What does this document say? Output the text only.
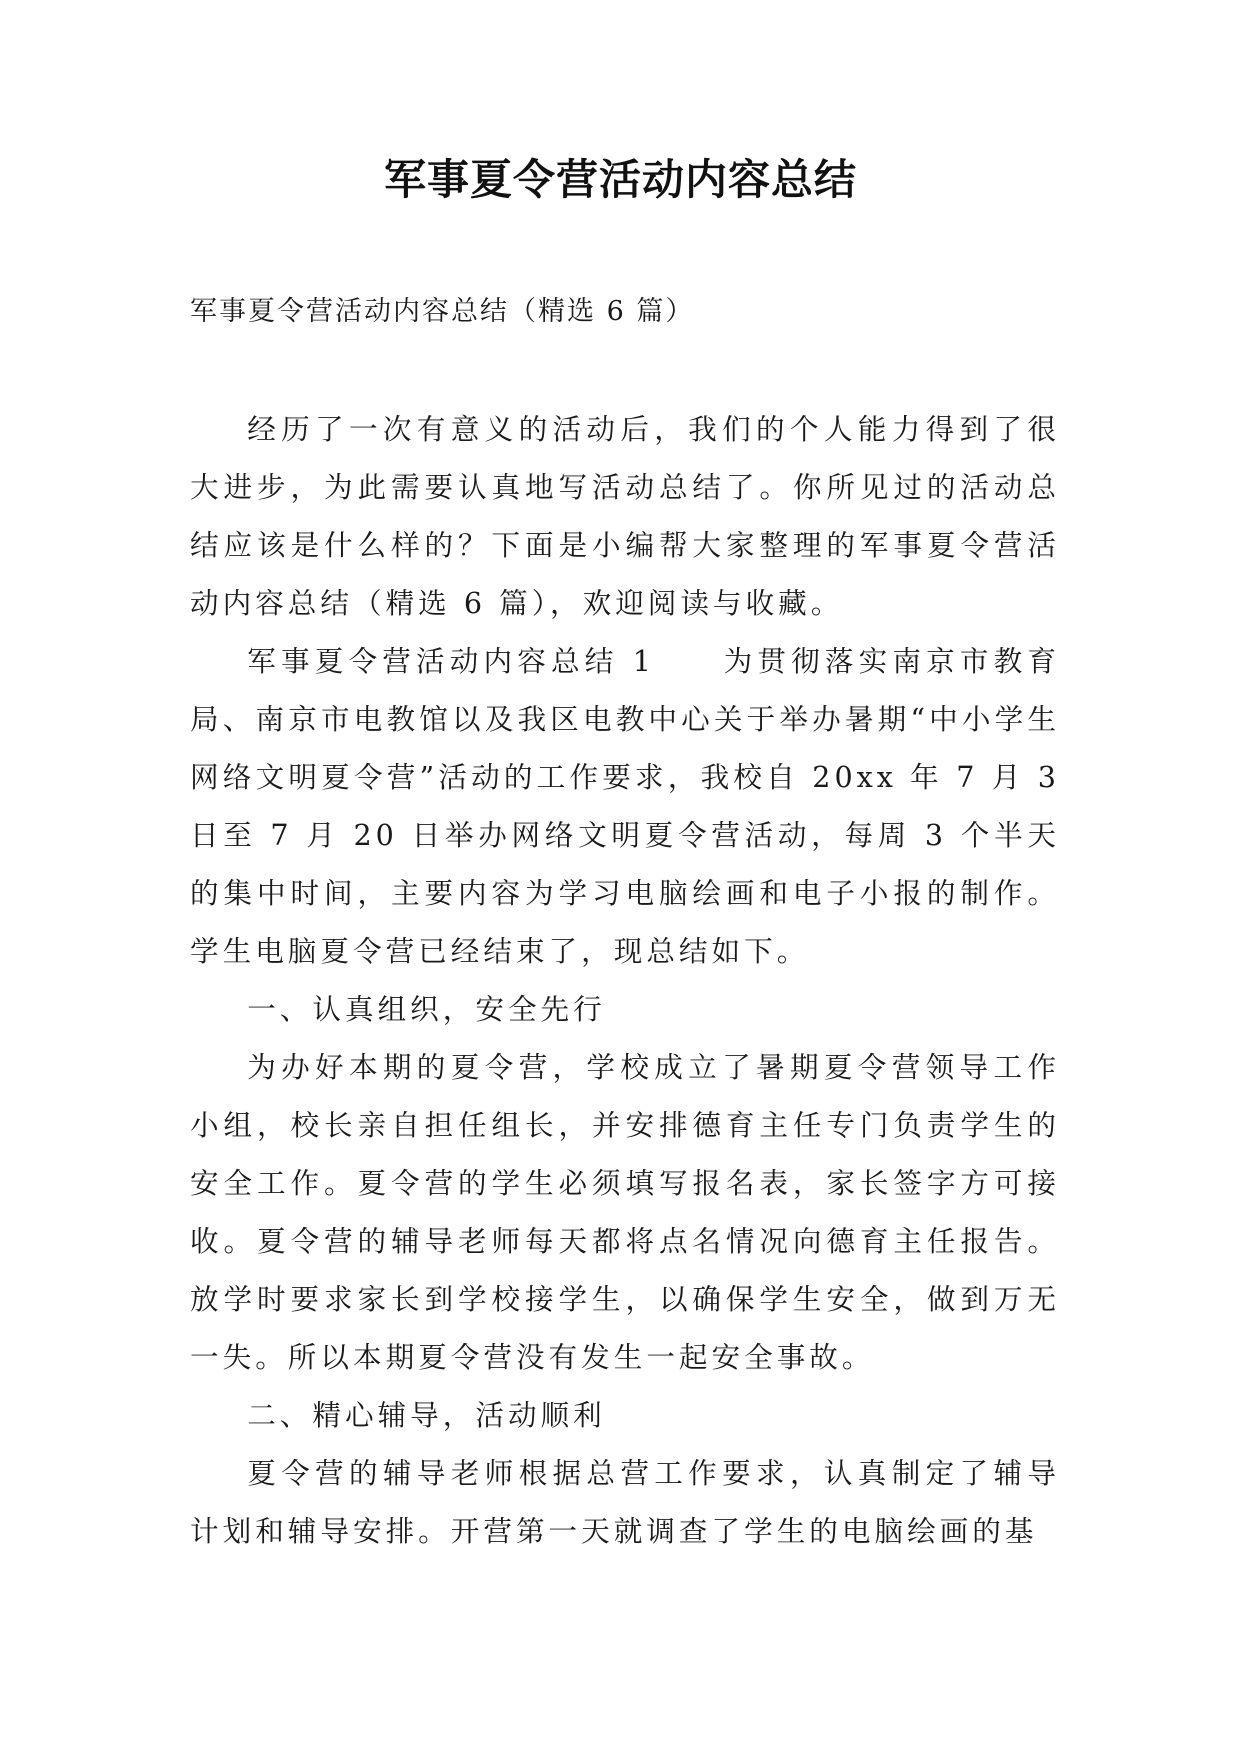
军事夏令营活动内容总结
军事夏令营活动内容总结（精选 6 篇）

经历了一次有意义的活动后，我们的个人能力得到了很大进步，为此需要认真地写活动总结了。你所见过的活动总结应该是什么样的？下面是小编帮大家整理的军事夏令营活动内容总结（精选 6 篇），欢迎阅读与收藏。

军事夏令营活动内容总结 1　　为贯彻落实南京市教育局、南京市电教馆以及我区电教中心关于举办暑期“中小学生网络文明夏令营”活动的工作要求，我校自 20xx 年 7 月 3 日至 7 月 20 日举办网络文明夏令营活动，每周 3 个半天的集中时间，主要内容为学习电脑绘画和电子小报的制作。学生电脑夏令营已经结束了，现总结如下。

一、认真组织，安全先行

为办好本期的夏令营，学校成立了暑期夏令营领导工作小组，校长亲自担任组长，并安排德育主任专门负责学生的安全工作。夏令营的学生必须填写报名表，家长签字方可接收。夏令营的辅导老师每天都将点名情况向德育主任报告。放学时要求家长到学校接学生，以确保学生安全，做到万无一失。所以本期夏令营没有发生一起安全事故。

二、精心辅导，活动顺利

夏令营的辅导老师根据总营工作要求，认真制定了辅导计划和辅导安排。开营第一天就调查了学生的电脑绘画的基
